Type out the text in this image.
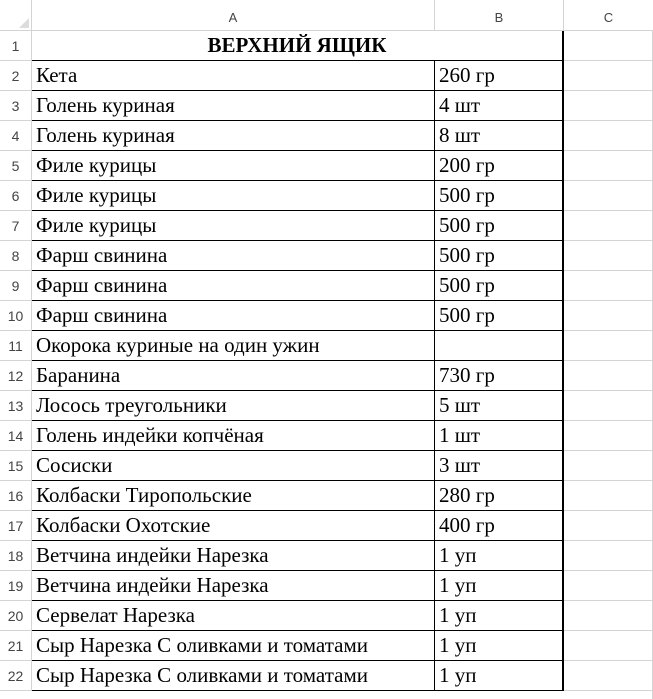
A	B	C
ВЕРХНИЙ ЯЩИК
1
2 Кета	260 гр
3 Голень куриная	4 шт
4 Голень куриная	8 шт
5 Филе курицы	200 гр
6 Филе курицы	500 гр
7 Филе курицы	500 гр
8 Фарш свинина	500 гр
9 Фарш свинина	500 гр
10 Фарш свинина	500 гр
11 Окорока куриные на один ужин
12 Баранина	730 гр
13 Лосось треугольники	5 шт
14 Голень индейки копчёная	1 шт
15 Сосиски	3 шт
16 Колбаски Тиропольские	280 гр
17 Колбаски Охотские	400 гр
18 Ветчина индейки Нарезка	1 уп
19 Ветчина индейки Нарезка	1 уп
20 Сервелат Нарезка	1 уп
21 Сыр Нарезка С оливками и томатами	1 уп
22 Сыр Нарезка С оливками и томатами	1 уп
